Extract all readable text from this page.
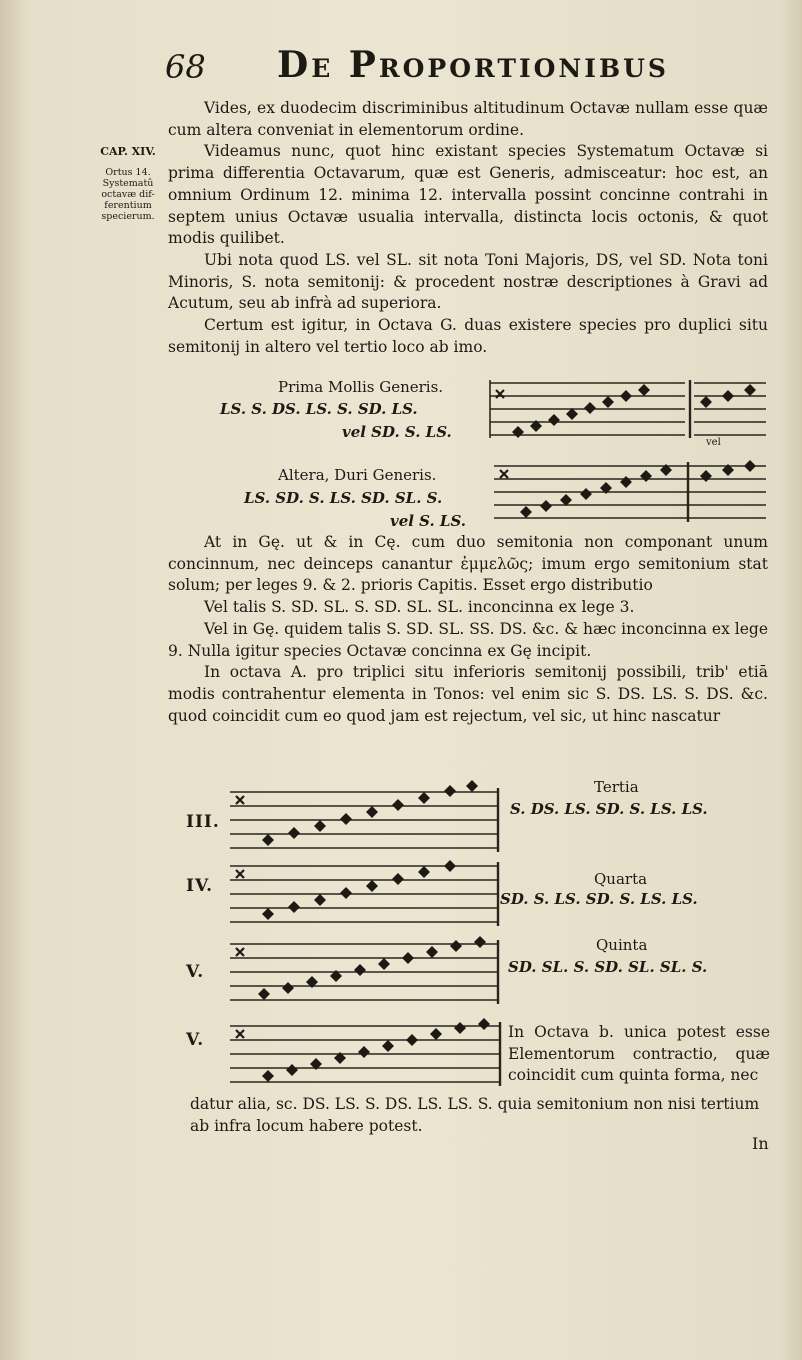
68 De Proportionibus
CAP. XIV.
Ortus 14.
Systematû
octavæ dif-
ferentium
specierum.

Vides, ex duodecim discriminibus altitudinum Octavæ nullam esse quæ cum altera conveniat in elementorum ordine.

Videamus nunc, quot hinc existant species Systematum Octavæ si prima differentia Octavarum, quæ est Generis, admisceatur: hoc est, an omnium Ordinum 12. minima 12. intervalla possint concinne contrahi in septem unius Octavæ usualia intervalla, distincta locis octonis, & quot modis quilibet.

Ubi nota quod LS. vel SL. sit nota Toni Majoris, DS, vel SD. Nota toni Minoris, S. nota semitonij: & procedent nostræ descriptiones à Gravi ad Acutum, seu ab infrà ad superiora.

Certum est igitur, in Octava G. duas existere species pro duplici situ semitonij in altero vel tertio loco ab imo.

Prima Mollis Generis.
LS. S. DS. LS. S. SD. LS.
vel SD. S. LS.
vel
Altera, Duri Generis.
LS. SD. S. LS. SD. SL. S.
vel S. LS.

At in Gę. ut & in Cę. cum duo semitonia non componant unum concinnum, nec deinceps canantur ἐμμελῶς; imum ergo semitonium stat solum; per leges 9. & 2. prioris Capitis. Esset ergo distributio

Vel talis S. SD. SL. S. SD. SL. SL. inconcinna ex lege 3.

Vel in Gę. quidem talis S. SD. SL. SS. DS. &c. & hæc inconcinna ex lege 9. Nulla igitur species Octavæ concinna ex Gę incipit.

In octava A. pro triplici situ inferioris semitonij possibili, trib' etiā modis contrahentur elementa in Tonos: vel enim sic S. DS. LS. S. DS. &c. quod coincidit cum eo quod jam est rejectum, vel sic, ut hinc nascatur

III.
Tertia
S. DS. LS. SD. S. LS. LS.
IV.	Quarta
SD. S. LS. SD. S. LS. LS.
V.
Quinta
SD. SL. S. SD. SL. SL. S.
V.	In Octava b. unica potest esse Elementorum contractio, quæ coincidit cum quinta forma, nec
datur alia, sc. DS. LS. S. DS. LS. LS. S. quia semitonium non nisi tertium ab infra locum habere potest.
In
